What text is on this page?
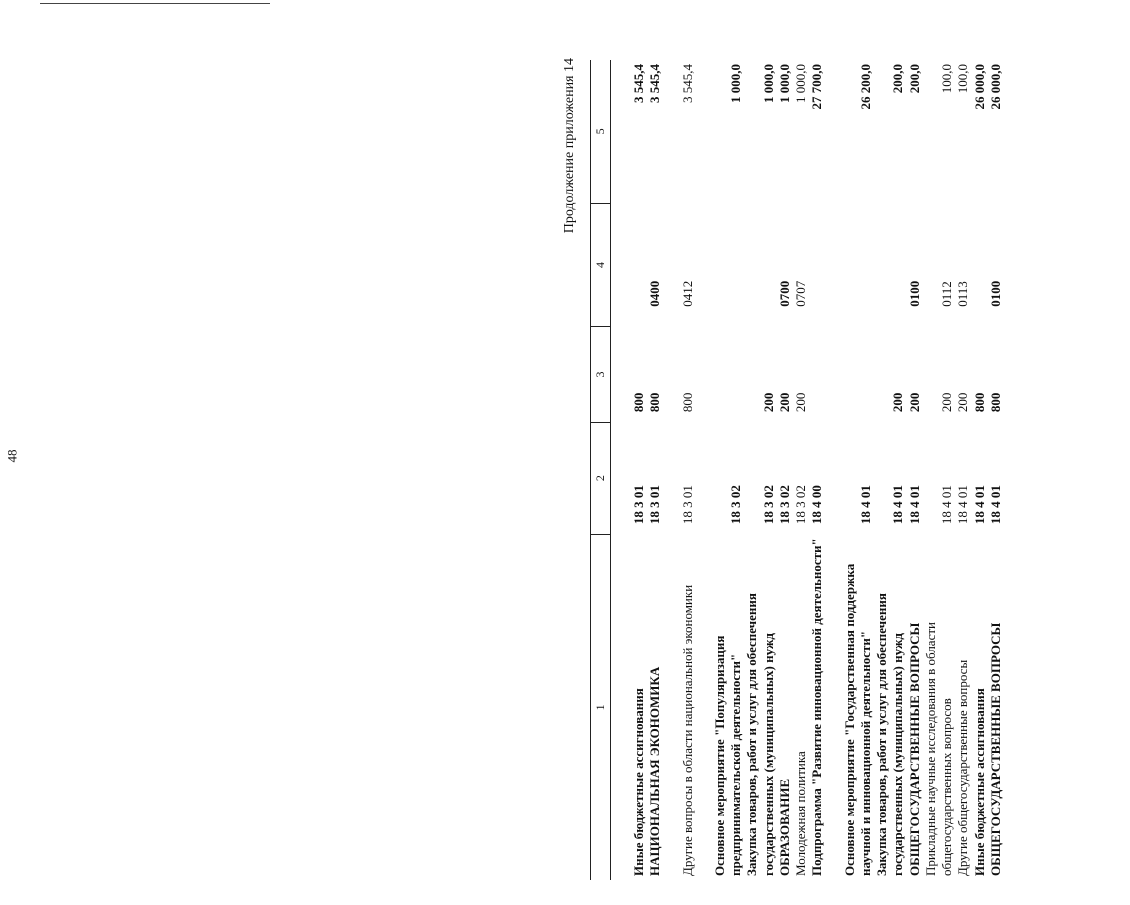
48
Продолжение приложения 14
1	2	3	4	5

Иные бюджетные ассигнования	18 3 01	800		3 545,4
НАЦИОНАЛЬНАЯ ЭКОНОМИКА	18 3 01	800	0400	3 545,4

Другие вопросы в области национальной экономики	18 3 01	800	0412	3 545,4

Основное мероприятие "Популяризация предпринимательской деятельности"	18 3 02			1 000,0
Закупка товаров, работ и услуг для обеспечения государственных (муниципальных) нужд	18 3 02	200		1 000,0
ОБРАЗОВАНИЕ	18 3 02	200	0700	1 000,0
Молодежная политика	18 3 02	200	0707	1 000,0
Подпрограмма "Развитие инновационной деятельности"	18 4 00			27 700,0

Основное мероприятие "Государственная поддержка научной и инновационной деятельности"	18 4 01			26 200,0
Закупка товаров, работ и услуг для обеспечения государственных (муниципальных) нужд	18 4 01	200		200,0
ОБЩЕГОСУДАРСТВЕННЫЕ ВОПРОСЫ	18 4 01	200	0100	200,0
Прикладные научные исследования в области общегосударственных вопросов	18 4 01	200	0112	100,0
Другие общегосударственные вопросы	18 4 01	200	0113	100,0
Иные бюджетные ассигнования	18 4 01	800		26 000,0
ОБЩЕГОСУДАРСТВЕННЫЕ ВОПРОСЫ	18 4 01	800	0100	26 000,0
